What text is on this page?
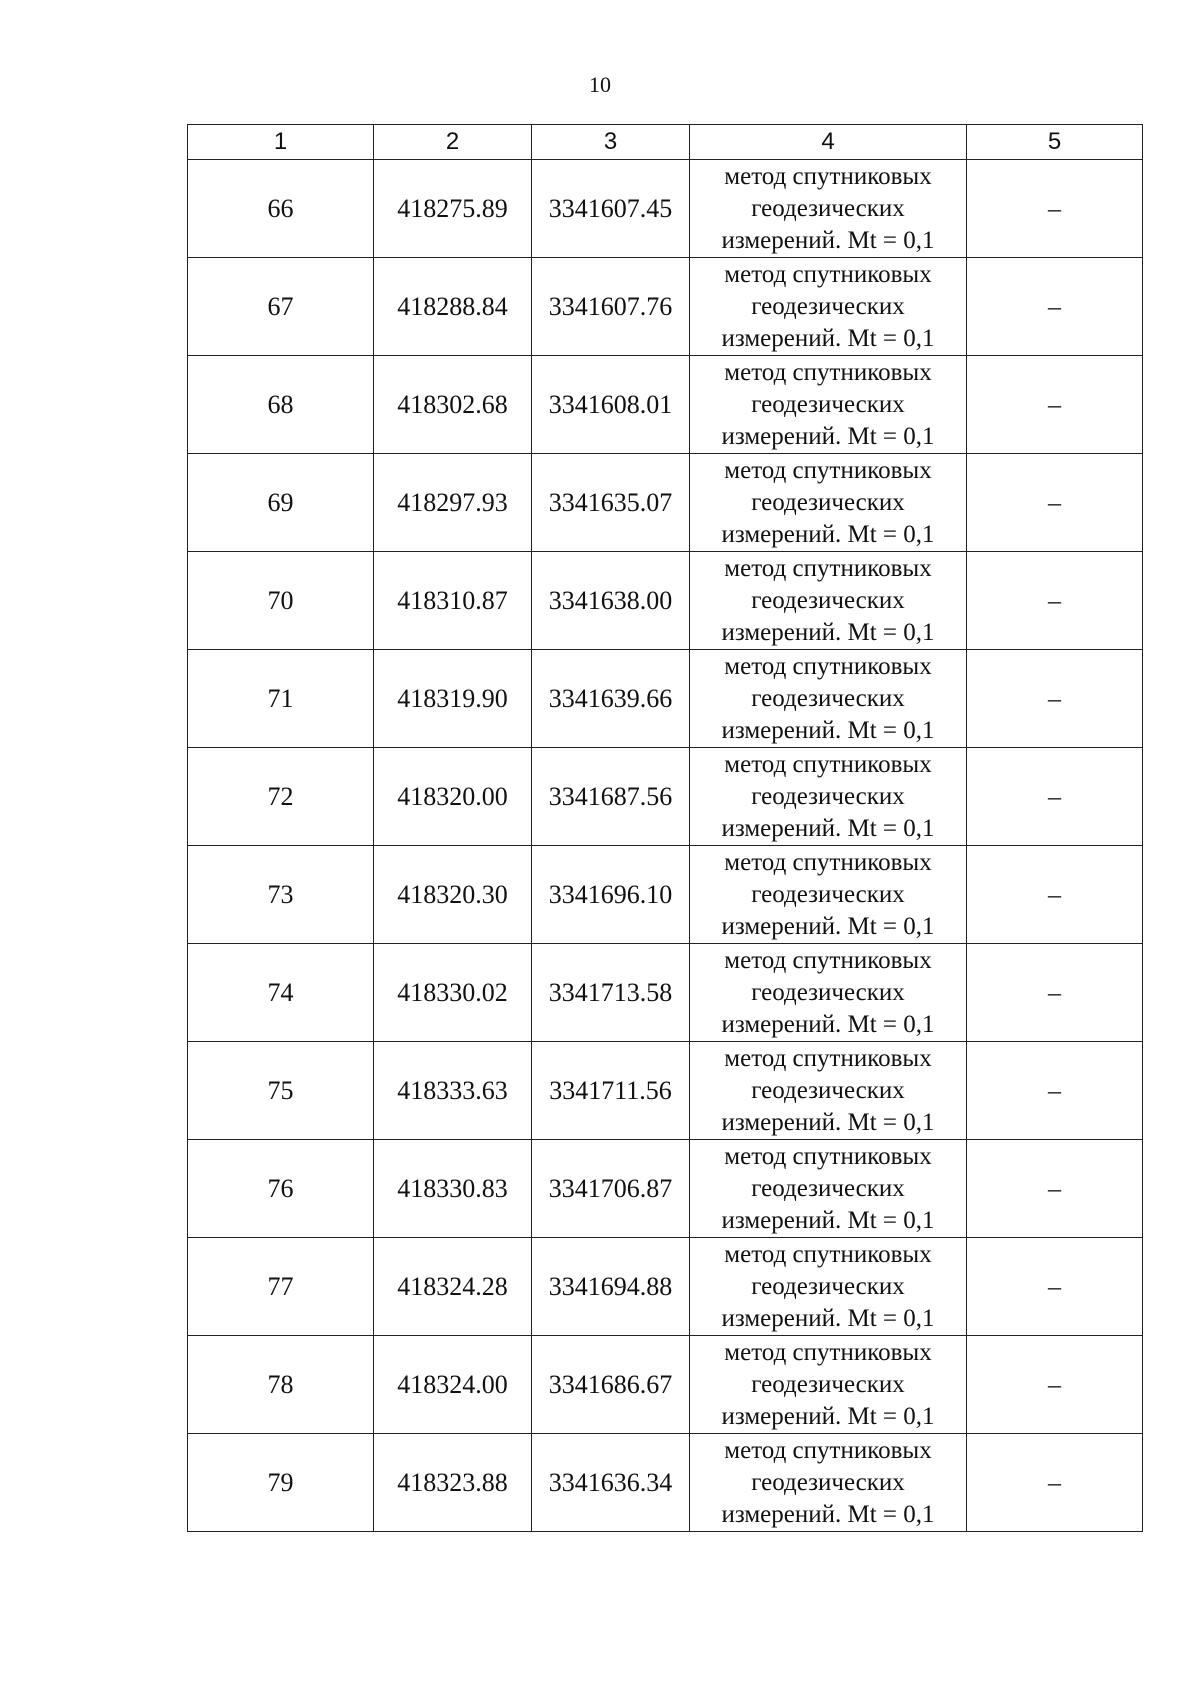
10
1	2	3	4	5
66	418275.89	3341607.45	метод спутниковых
геодезических
измерений. Mt = 0,1	–
67	418288.84	3341607.76	метод спутниковых
геодезических
измерений. Mt = 0,1	–
68	418302.68	3341608.01	метод спутниковых
геодезических
измерений. Mt = 0,1	–
69	418297.93	3341635.07	метод спутниковых
геодезических
измерений. Mt = 0,1	–
70	418310.87	3341638.00	метод спутниковых
геодезических
измерений. Mt = 0,1	–
71	418319.90	3341639.66	метод спутниковых
геодезических
измерений. Mt = 0,1	–
72	418320.00	3341687.56	метод спутниковых
геодезических
измерений. Mt = 0,1	–
73	418320.30	3341696.10	метод спутниковых
геодезических
измерений. Mt = 0,1	–
74	418330.02	3341713.58	метод спутниковых
геодезических
измерений. Mt = 0,1	–
75	418333.63	3341711.56	метод спутниковых
геодезических
измерений. Mt = 0,1	–
76	418330.83	3341706.87	метод спутниковых
геодезических
измерений. Mt = 0,1	–
77	418324.28	3341694.88	метод спутниковых
геодезических
измерений. Mt = 0,1	–
78	418324.00	3341686.67	метод спутниковых
геодезических
измерений. Mt = 0,1	–
79	418323.88	3341636.34	метод спутниковых
геодезических
измерений. Mt = 0,1	–
